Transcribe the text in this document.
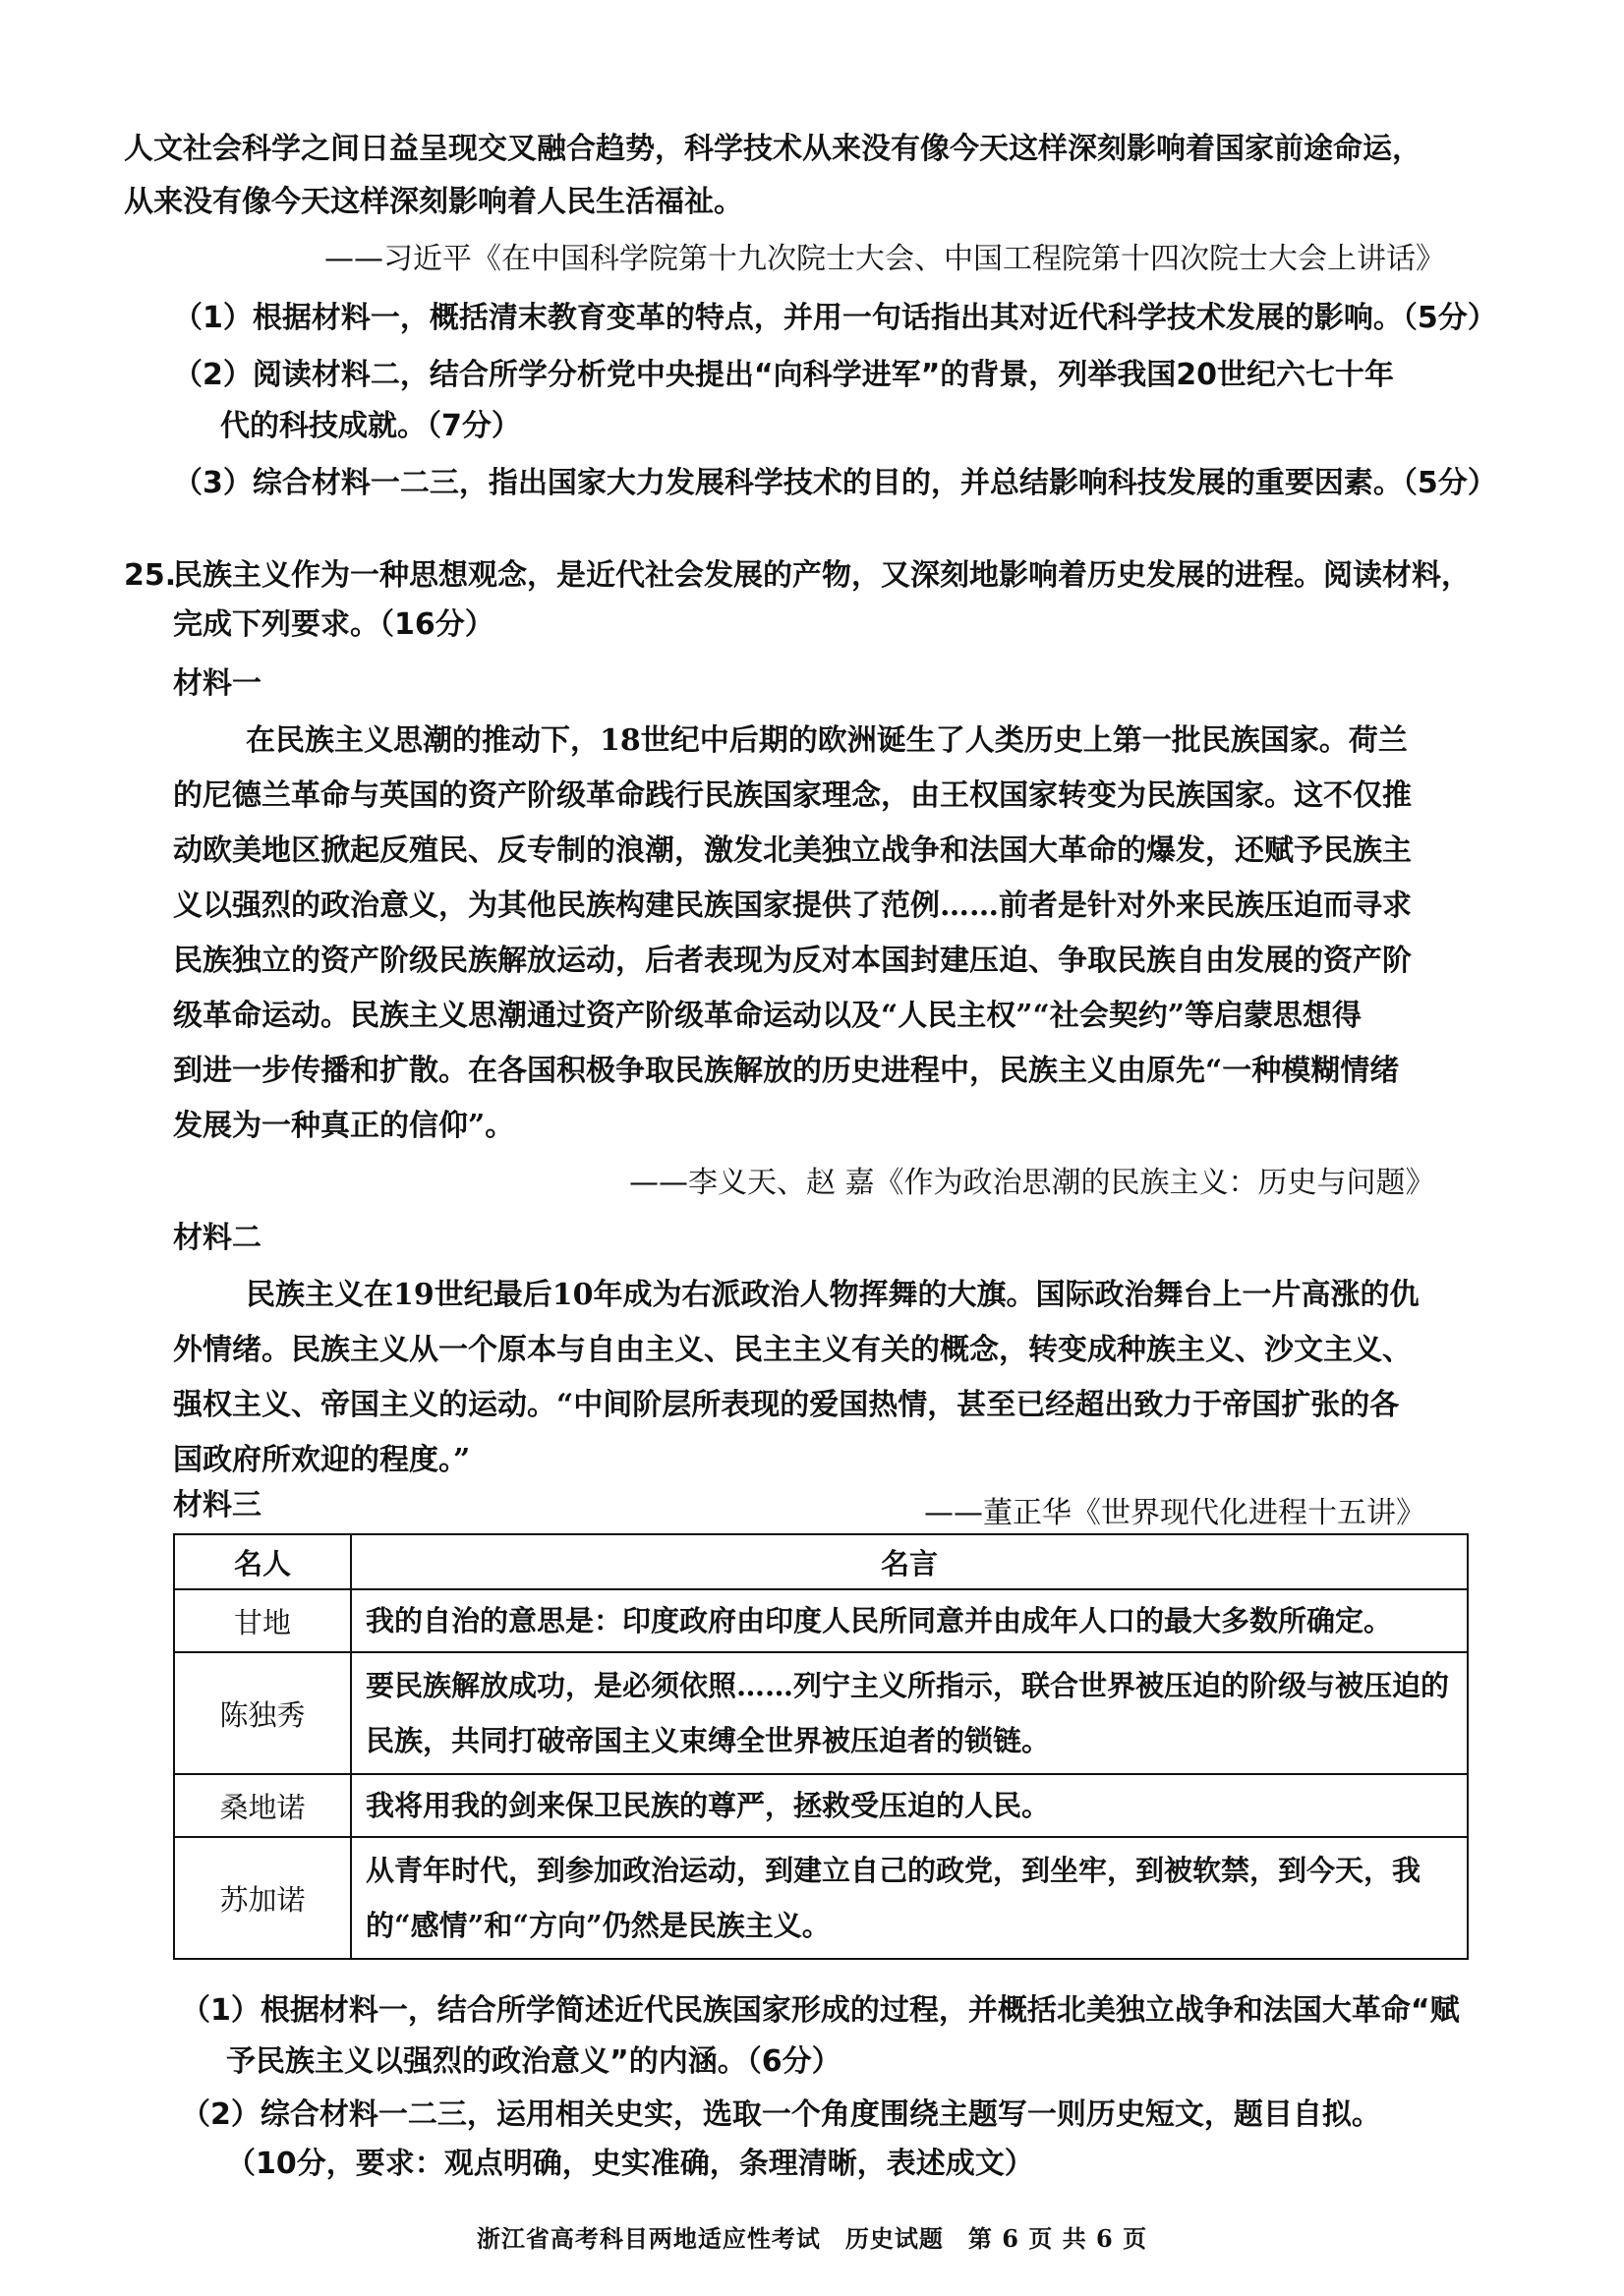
人文社会科学之间日益呈现交叉融合趋势，科学技术从来没有像今天这样深刻影响着国家前途命运，
从来没有像今天这样深刻影响着人民生活福祉。
——习近平《在中国科学院第十九次院士大会、中国工程院第十四次院士大会上讲话》
（1）根据材料一，概括清末教育变革的特点，并用一句话指出其对近代科学技术发展的影响。（5分）
（2）阅读材料二，结合所学分析党中央提出“向科学进军”的背景，列举我国20世纪六七十年
代的科技成就。（7分）
（3）综合材料一二三，指出国家大力发展科学技术的目的，并总结影响科技发展的重要因素。（5分）
25.
民族主义作为一种思想观念，是近代社会发展的产物，又深刻地影响着历史发展的进程。阅读材料，
完成下列要求。（16分）
材料一
在民族主义思潮的推动下，18世纪中后期的欧洲诞生了人类历史上第一批民族国家。荷兰
的尼德兰革命与英国的资产阶级革命践行民族国家理念，由王权国家转变为民族国家。这不仅推
动欧美地区掀起反殖民、反专制的浪潮，激发北美独立战争和法国大革命的爆发，还赋予民族主
义以强烈的政治意义，为其他民族构建民族国家提供了范例……前者是针对外来民族压迫而寻求
民族独立的资产阶级民族解放运动，后者表现为反对本国封建压迫、争取民族自由发展的资产阶
级革命运动。民族主义思潮通过资产阶级革命运动以及“人民主权”“社会契约”等启蒙思想得
到进一步传播和扩散。在各国积极争取民族解放的历史进程中，民族主义由原先“一种模糊情绪
发展为一种真正的信仰”。
——李义天、赵 嘉《作为政治思潮的民族主义：历史与问题》
材料二
民族主义在19世纪最后10年成为右派政治人物挥舞的大旗。国际政治舞台上一片高涨的仇
外情绪。民族主义从一个原本与自由主义、民主主义有关的概念，转变成种族主义、沙文主义、
强权主义、帝国主义的运动。“中间阶层所表现的爱国热情，甚至已经超出致力于帝国扩张的各
国政府所欢迎的程度。”
——董正华《世界现代化进程十五讲》
材料三
名人	名言
甘地	我的自治的意思是：印度政府由印度人民所同意并由成年人口的最大多数所确定。
陈独秀	要民族解放成功，是必须依照……列宁主义所指示，联合世界被压迫的阶级与被压迫的民族，共同打破帝国主义束缚全世界被压迫者的锁链。
桑地诺	我将用我的剑来保卫民族的尊严，拯救受压迫的人民。
苏加诺	从青年时代，到参加政治运动，到建立自己的政党，到坐牢，到被软禁，到今天，我的“感情”和“方向”仍然是民族主义。
（1）根据材料一，结合所学简述近代民族国家形成的过程，并概括北美独立战争和法国大革命“赋
予民族主义以强烈的政治意义”的内涵。（6分）
（2）综合材料一二三，运用相关史实，选取一个角度围绕主题写一则历史短文，题目自拟。
（10分，要求：观点明确，史实准确，条理清晰，表述成文）
浙江省高考科目两地适应性考试　历史试题　第 6 页 共 6 页
